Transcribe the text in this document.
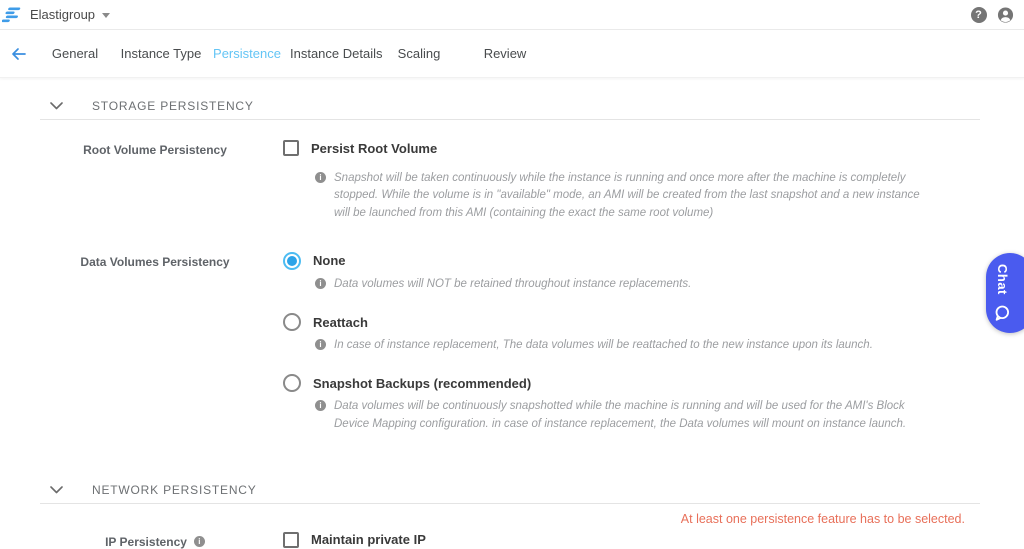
Elastigroup	?
General	Instance Type Persistence Instance Details	Scaling	Review
STORAGE PERSISTENCY
Root Volume Persistency	Persist Root Volume
i	Snapshot will be taken continuously while the instance is running and once more after the machine is completely stopped. While the volume is in "available" mode, an AMI will be created from the last snapshot and a new instance will be launched from this AMI (containing the exact the same root volume)
Data Volumes Persistency	None
i	Data volumes will NOT be retained throughout instance replacements.
Reattach
i	In case of instance replacement, The data volumes will be reattached to the new instance upon its launch.
Snapshot Backups (recommended)
i	Data volumes will be continuously snapshotted while the machine is running and will be used for the AMI's Block Device Mapping configuration. in case of instance replacement, the Data volumes will mount on instance launch.
NETWORK PERSISTENCY
IP Persistency	i	Maintain private IP
At least one persistence feature has to be selected.
Chat
